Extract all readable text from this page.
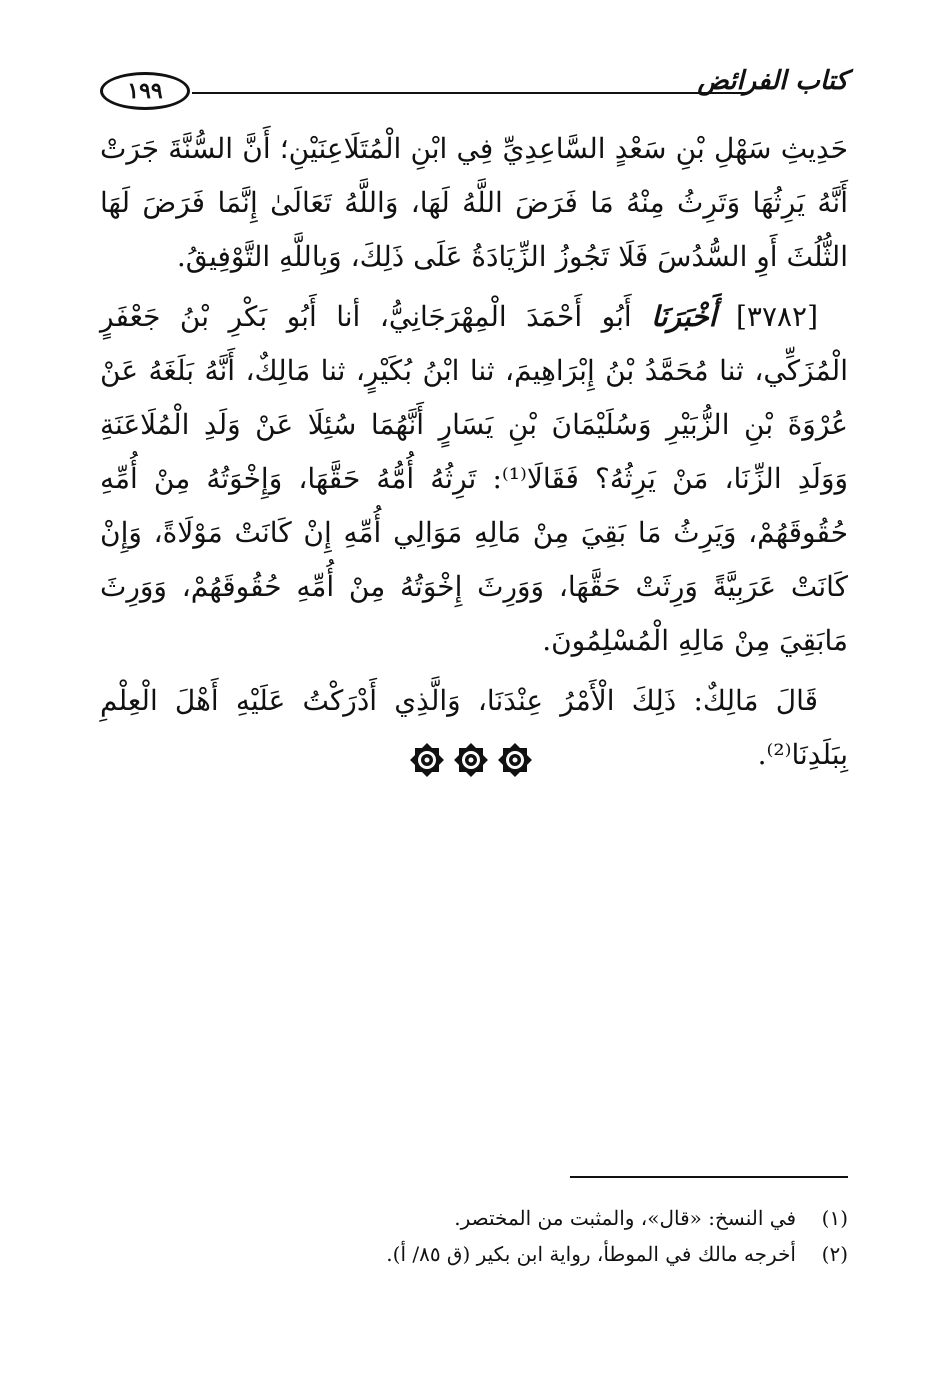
١٩٩	كتاب الفرائض

حَدِيثِ سَهْلِ بْنِ سَعْدٍ السَّاعِدِيِّ فِي ابْنِ الْمُتَلَاعِنَيْنِ؛ أَنَّ السُّنَّةَ جَرَتْ أَنَّهُ يَرِثُهَا وَتَرِثُ مِنْهُ مَا فَرَضَ اللَّهُ لَهَا، وَاللَّهُ تَعَالَىٰ إِنَّمَا فَرَضَ لَهَا الثُّلُثَ أَوِ السُّدُسَ فَلَا تَجُوزُ الزِّيَادَةُ عَلَى ذَلِكَ، وَبِاللَّهِ التَّوْفِيقُ.

[٣٧٨٢] أَخْبَرَنَا أَبُو أَحْمَدَ الْمِهْرَجَانِيُّ، أنا أَبُو بَكْرِ بْنُ جَعْفَرٍ الْمُزَكِّي، ثنا مُحَمَّدُ بْنُ إِبْرَاهِيمَ، ثنا ابْنُ بُكَيْرٍ، ثنا مَالِكٌ، أَنَّهُ بَلَغَهُ عَنْ عُرْوَةَ بْنِ الزُّبَيْرِ وَسُلَيْمَانَ بْنِ يَسَارٍ أَنَّهُمَا سُئِلَا عَنْ وَلَدِ الْمُلَاعَنَةِ وَوَلَدِ الزِّنَا، مَنْ يَرِثُهُ؟ فَقَالَا⁽¹⁾: تَرِثُهُ أُمُّهُ حَقَّهَا، وَإِخْوَتُهُ مِنْ أُمِّهِ حُقُوقَهُمْ، وَيَرِثُ مَا بَقِيَ مِنْ مَالِهِ مَوَالِي أُمِّهِ إِنْ كَانَتْ مَوْلَاةً، وَإِنْ كَانَتْ عَرَبِيَّةً وَرِثَتْ حَقَّهَا، وَوَرِثَ إِخْوَتُهُ مِنْ أُمِّهِ حُقُوقَهُمْ، وَوَرِثَ مَابَقِيَ مِنْ مَالِهِ الْمُسْلِمُونَ.

قَالَ مَالِكٌ: ذَلِكَ الْأَمْرُ عِنْدَنَا، وَالَّذِي أَدْرَكْتُ عَلَيْهِ أَهْلَ الْعِلْمِ بِبَلَدِنَا⁽²⁾.

(١)
في النسخ: «قال»، والمثبت من المختصر.
(٢)
أخرجه مالك في الموطأ، رواية ابن بكير (ق ٨٥/ أ).
